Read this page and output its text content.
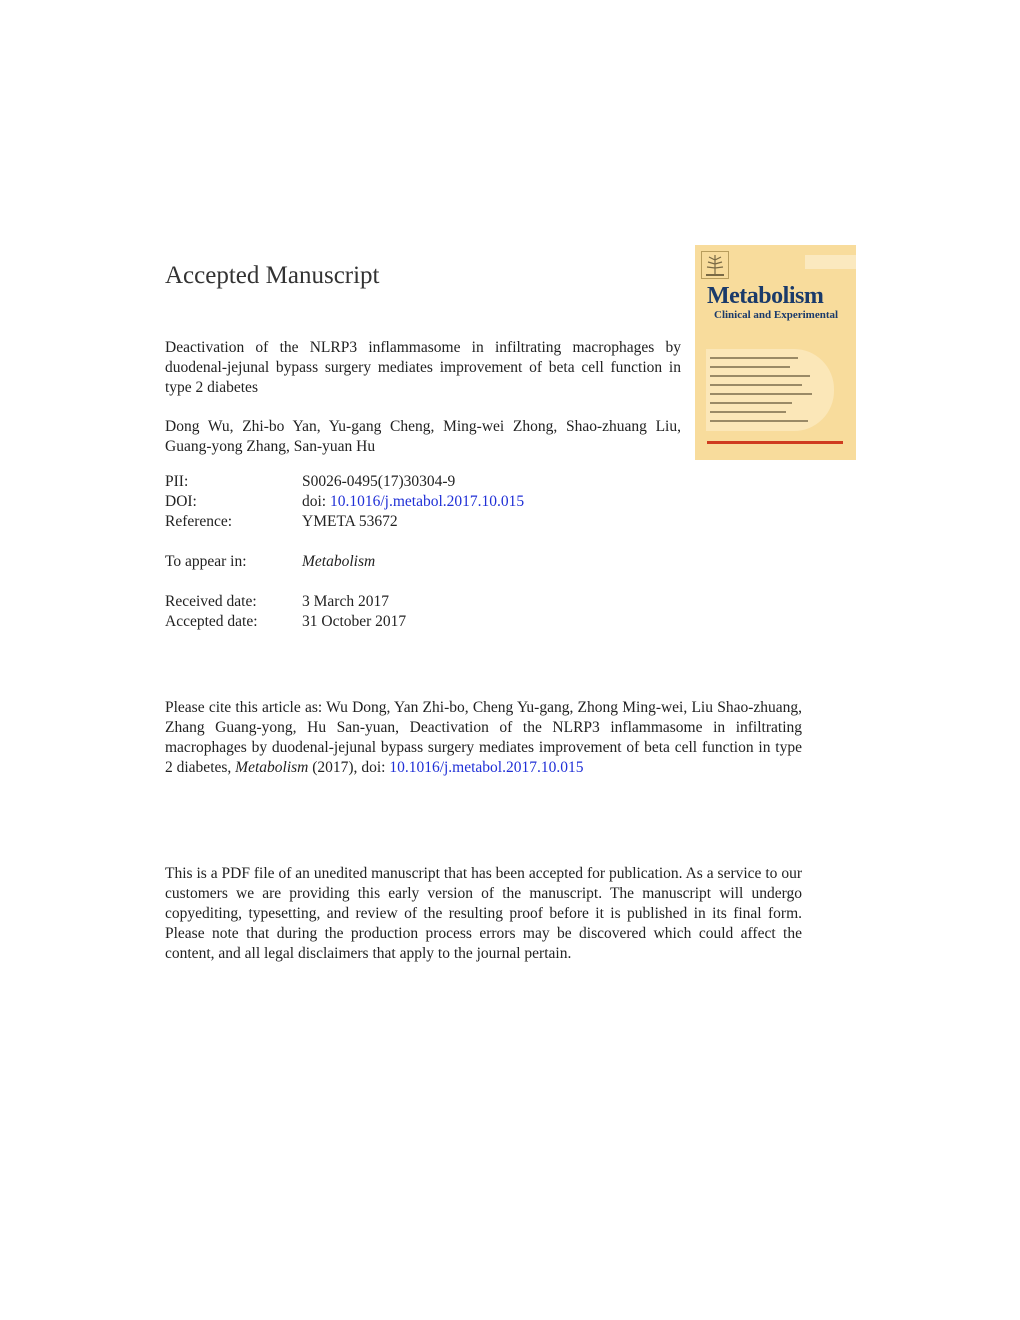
Accepted Manuscript
Deactivation of the NLRP3 inflammasome in infiltrating macrophages by duodenal-jejunal bypass surgery mediates improvement of beta cell function in type 2 diabetes
Dong Wu, Zhi-bo Yan, Yu-gang Cheng, Ming-wei Zhong, Shao-zhuang Liu, Guang-yong Zhang, San-yuan Hu
PII:	S0026-0495(17)30304-9
DOI:	doi: 10.1016/j.metabol.2017.10.015
Reference:	YMETA 53672
To appear in:	Metabolism
Received date:	3 March 2017
Accepted date:	31 October 2017
Please cite this article as: Wu Dong, Yan Zhi-bo, Cheng Yu-gang, Zhong Ming-wei, Liu Shao-zhuang, Zhang Guang-yong, Hu San-yuan, Deactivation of the NLRP3 inflammasome in infiltrating macrophages by duodenal-jejunal bypass surgery mediates improvement of beta cell function in type 2 diabetes, Metabolism (2017), doi: 10.1016/j.metabol.2017.10.015
This is a PDF file of an unedited manuscript that has been accepted for publication. As a service to our customers we are providing this early version of the manuscript. The manuscript will undergo copyediting, typesetting, and review of the resulting proof before it is published in its final form. Please note that during the production process errors may be discovered which could affect the content, and all legal disclaimers that apply to the journal pertain.
Metabolism
Clinical and Experimental
